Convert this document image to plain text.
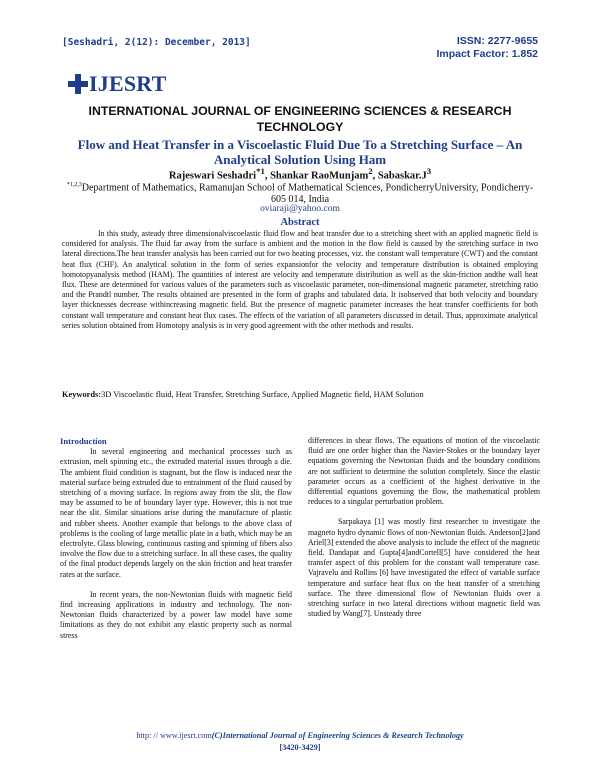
[Seshadri, 2(12): December, 2013]	ISSN: 2277-9655
Impact Factor: 1.852
IJESRT
INTERNATIONAL JOURNAL OF ENGINEERING SCIENCES & RESEARCH TECHNOLOGY
Flow and Heat Transfer in a Viscoelastic Fluid Due To a Stretching Surface – An Analytical Solution Using Ham
Rajeswari Seshadri$^{*1}$, Shankar RaoMunjam$^2$, $Sabaskar.J^3$
$^{*1,2,3}$Department of Mathematics, Ramanujan School of Mathematical Sciences, PondicherryUniversity, Pondicherry-605 014, India
oviaraji@yahoo.com
Abstract
In this study, asteady three dimensionalviscoelastic fluid flow and heat transfer due to a stretching sheet with an applied magnetic field is considered for analysis. The fluid far away from the surface is ambient and the motion in the flow field is caused by the stretching surface in two lateral directions.The heat transfer analysis has been carried out for two heating processes, viz. the constant wall temperature (CWT) and the constant heat flux (CHF). An analytical solution in the form of series expansionfor the velocity and temperature distribution is obtained employing homotopyanalysis method (HAM). The quantities of interest are velocity and temperature distribution as well as the skin-friction andthe wall heat flux. These are determined for various values of the parameters such as viscoelastic parameter, non-dimensional magnetic parameter, stretching ratio and the Prandtl number. The results obtained are presented in the form of graphs and tabulated data. It isobserved that both velocity and boundary layer thicknesses decrease withincreasing magnetic field. But the presence of magnetic parameter increases the heat transfer coefficients for both constant wall temperature and constant heat flux cases. The effects of the variation of all parameters discussed in detail. Thus, approximate analytical series solution obtained from Homotopy analysis is in very good agreement with the other methods and results.
Keywords:3D Viscoelastic fluid, Heat Transfer, Stretching Surface, Applied Magnetic field, HAM Solution
Introduction

In several engineering and mechanical processes such as extrusion, melt spinning etc., the extruded material issues through a die. The ambient fluid condition is stagnant, but the flow is induced near the material surface being extruded due to entrainment of the fluid caused by stretching of a moving surface. In regions away from the slit, the flow may be assumed to be of boundary layer type. However, this is not true near the slit. Similar situations arise during the manufacture of plastic and rubber sheets. Another example that belongs to the above class of problems is the cooling of large metallic plate in a bath, which may be an electrolyte. Glass blowing, continuous casting and spinning of fibers also involve the flow due to a stretching surface. In all these cases, the quality of the final product depends largely on the skin friction and heat transfer rates at the surface.

In recent years, the non-Newtonian fluids with magnetic field find increasing applications in industry and technology. The non-Newtonian fluids characterized by a power law model have some limitations as they do not exhibit any elastic property such as normal stress

differences in shear flows. The equations of motion of the viscoelastic fluid are one order higher than the Navier-Stokes or the boundary layer equations governing the Newtonian fluids and the boundary conditions are not sufficient to determine the solution completely. Since the elastic parameter occurs as a coefficient of the highest derivative in the differential equations governing the flow, the mathematical problem reduces to a singular perturbation problem.

Sarpakaya [1] was mostly first researcher to investigate the magneto hydro dynamic flows of non-Newtonian fluids. Anderson[2]and Ariel[3] extended the above analysis to include the effect of the magnetic field. Dandapat and Gupta[4]andCortell[5] have considered the heat transfer aspect of this problem for the constant wall temperature case. Vajravelu and Rollins [6] have investigated the effect of variable surface temperature and surface heat flux on the heat transfer of a stretching surface. The three dimensional flow of Newtonian fluids over a stretching surface in two lateral directions without magnetic field was studied by Wang[7]. Unsteady three

http: // www.ijesrt.com(C)International Journal of Engineering Sciences & Research Technology
[3420-3429]
